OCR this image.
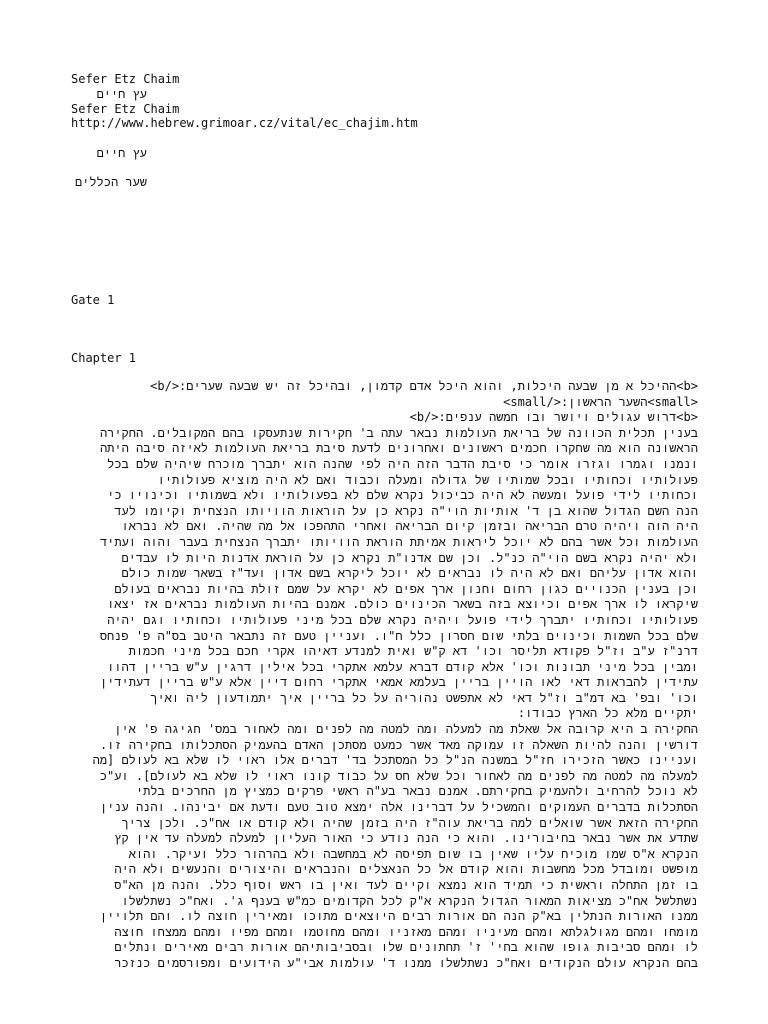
Sefer Etz Chaim
עץ חיים
Sefer Etz Chaim
http://www.hebrew.grimoar.cz/vital/ec_chajim.htm
עץ חיים
שער הכללים
Gate 1
Chapter 1
<b>ההיכל א מן שבעה היכלות, והוא היכל אדם קדמון, ובהיכל זה יש שבעה שערים:</b>
<small>השער הראשון:</small>
<b>דרוש עגולים ויושר ובו חמשה ענפים:</b>
בענין תכלית הכוונה של בריאת העולמות נבאר עתה ב' חקירות שנתעסקו בהם המקובלים. החקירה
הראשונה הוא מה שחקרו חכמים ראשונים ואחרונים לדעת סיבת בריאת העולמות לאיזה סיבה היתה
ונמנו וגמרו וגזרו אומר כי סיבת הדבר הזה היה לפי שהנה הוא יתברך מוכרח שיהיה שלם בכל
פעולותיו וכחותיו ובכל שמותיו של גדולה ומעלה וכבוד ואם לא היה מוציא פעולותיו
וכחותיו לידי פועל ומעשה לא היה כביכול נקרא שלם לא בפעולותיו ולא בשמותיו וכינויו כי
הנה השם הגדול שהוא בן ד' אותיות הוי"ה נקרא כן על הוראות הוויותו הנצחית וקיומו לעד
היה הוה ויהיה טרם הבריאה ובזמן קיום הבריאה ואחרי התהפכו אל מה שהיה. ואם לא נבראו
העולמות וכל אשר בהם לא יוכל ליראות אמיתת הוראת הוויותו יתברך הנצחית בעבר והוה ועתיד
ולא יהיה נקרא בשם הוי"ה כנ"ל. וכן שם אדנו"ת נקרא כן על הוראת אדנות היות לו עבדים
והוא אדון עליהם ואם לא היה לו נבראים לא יוכל ליקרא בשם אדון ועד"ז בשאר שמות כולם
וכן בענין הכנויים כגון רחום וחנון ארך אפים לא יקרא על שמם זולת בהיות נבראים בעולם
שיקראו לו ארך אפים וכיוצא בזה בשאר הכינוים כולם. אמנם בהיות העולמות נבראים אז יצאו
פעולותיו וכחותיו יתברך לידי פועל ויהיה נקרא שלם בכל מיני פעולותיו וכחותיו וגם יהיה
שלם בכל השמות וכינוים בלתי שום חסרון כלל ח"ו. ועניין טעם זה נתבאר היטב בס"ה פ' פנחס
דרנ"ז ע"ב וז"ל פקודא תליסר וכו' דא ק"ש ואית למנדע דאיהו אקרי חכם בכל מיני חכמות
ומבין בכל מיני תבונות וכו' אלא קודם דברא עלמא אתקרי בכל אילין דרגין ע"ש בריין דהוו
עתידין להבראות דאי לאו הויין בריין בעלמא אמאי אתקרי רחום דיין אלא ע"ש בריין דעתידין
וכו' ובפ' בא דמ"ב וז"ל דאי לא אתפשט נהוריה על כל בריין איך יתמודעון ליה ואיך
יתקיים מלא כל הארץ כבודו:
החקירה ב היא קרובה אל שאלת מה למעלה ומה למטה מה לפנים ומה לאחור במס' חגיגה פ' אין
דורשין והנה להיות השאלה זו עמוקה מאד אשר כמעט מסתכן האדם בהעמיק הסתכלותו בחקירה זו.
ועניינו כאשר הזכירו חז"ל במשנה הנ"ל כל המסתכל בד' דברים אלו ראוי לו שלא בא לעולם [מה
למעלה מה למטה מה לפנים מה לאחור וכל שלא חס על כבוד קונו ראוי לו שלא בא לעולם]. וע"כ
לא נוכל להרחיב ולהעמיק בחקירתם. אמנם נבאר בע"ה ראשי פרקים כמציץ מן החרכים בלתי
הסתכלות בדברים העמוקים והמשכיל על דברינו אלה ימצא טוב טעם ודעת אם יבינהו. והנה ענין
החקירה הזאת אשר שואלים למה בריאת עוה"ז היה בזמן שהיה ולא קודם או אח"כ. ולכן צריך
שתדע את אשר נבאר בחיבורינו. והוא כי הנה נודע כי האור העליון למעלה למעלה עד אין קץ
הנקרא א"ס שמו מוכיח עליו שאין בו שום תפיסה לא במחשבה ולא בהרהור כלל ועיקר. והוא
מופשט ומובדל מכל מחשבות והוא קודם אל כל הנאצלים והנבראים והיצורים והנעשים ולא היה
בו זמן התחלה וראשית כי תמיד הוא נמצא וקיים לעד ואין בו ראש וסוף כלל. והנה מן הא"ס
נשתלשל אח"כ מציאות המאור הגדול הנקרא א"ק לכל הקדומים כמ"ש בענף ג'. ואח"כ נשתלשלו
ממנו האורות הנתלין בא"ק הנה הם אורות רבים היוצאים מתוכו ומאירין חוצה לו. והם תלויין
מומחו ומהם מגולגלתא ומהם מעיניו ומהם מאזניו ומהם מחוטמו ומהם מפיו ומהם ממצחו חוצה
לו ומהם סביבות גופו שהוא בחי' ז' תחתונים שלו ובסביבותיהם אורות רבים מאירים ונתלים
בהם הנקרא עולם הנקודים ואח"כ נשתלשלו ממנו ד' עולמות אבי"ע הידועים ומפורסמים כנזכר
